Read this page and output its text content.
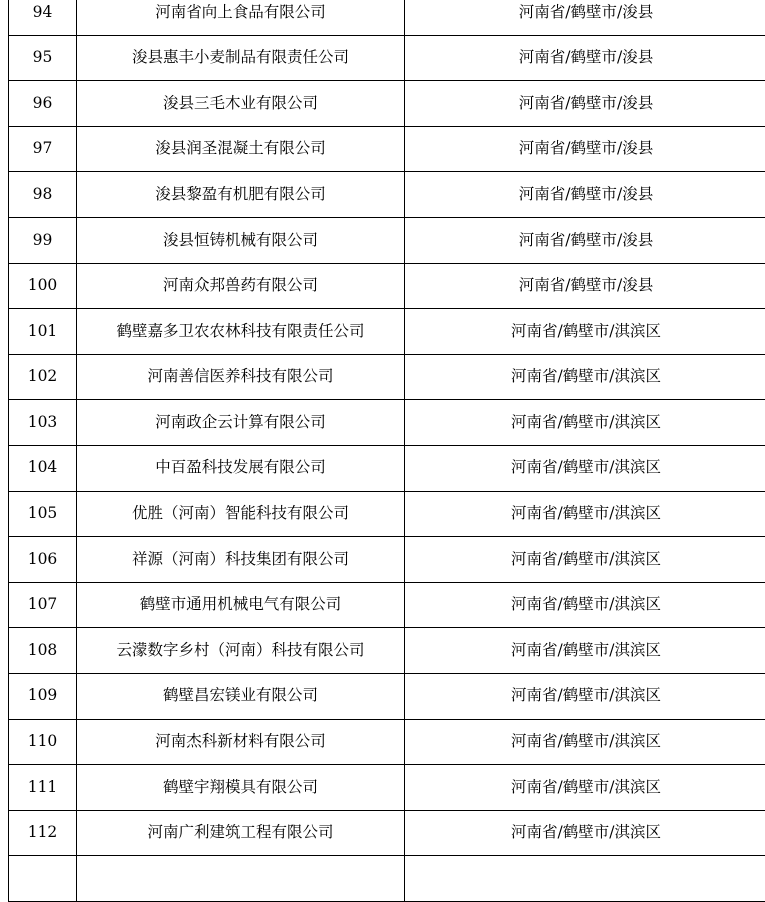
94	河南省向上食品有限公司	河南省/鹤壁市/浚县
95	浚县惠丰小麦制品有限责任公司	河南省/鹤壁市/浚县
96	浚县三毛木业有限公司	河南省/鹤壁市/浚县
97	浚县润圣混凝土有限公司	河南省/鹤壁市/浚县
98	浚县黎盈有机肥有限公司	河南省/鹤壁市/浚县
99	浚县恒铸机械有限公司	河南省/鹤壁市/浚县
100	河南众邦兽药有限公司	河南省/鹤壁市/浚县
101	鹤壁嘉多卫农农林科技有限责任公司	河南省/鹤壁市/淇滨区
102	河南善信医养科技有限公司	河南省/鹤壁市/淇滨区
103	河南政企云计算有限公司	河南省/鹤壁市/淇滨区
104	中百盈科技发展有限公司	河南省/鹤壁市/淇滨区
105	优胜（河南）智能科技有限公司	河南省/鹤壁市/淇滨区
106	祥源（河南）科技集团有限公司	河南省/鹤壁市/淇滨区
107	鹤壁市通用机械电气有限公司	河南省/鹤壁市/淇滨区
108	云濛数字乡村（河南）科技有限公司	河南省/鹤壁市/淇滨区
109	鹤壁昌宏镁业有限公司	河南省/鹤壁市/淇滨区
110	河南杰科新材料有限公司	河南省/鹤壁市/淇滨区
111	鹤壁宇翔模具有限公司	河南省/鹤壁市/淇滨区
112	河南广利建筑工程有限公司	河南省/鹤壁市/淇滨区
